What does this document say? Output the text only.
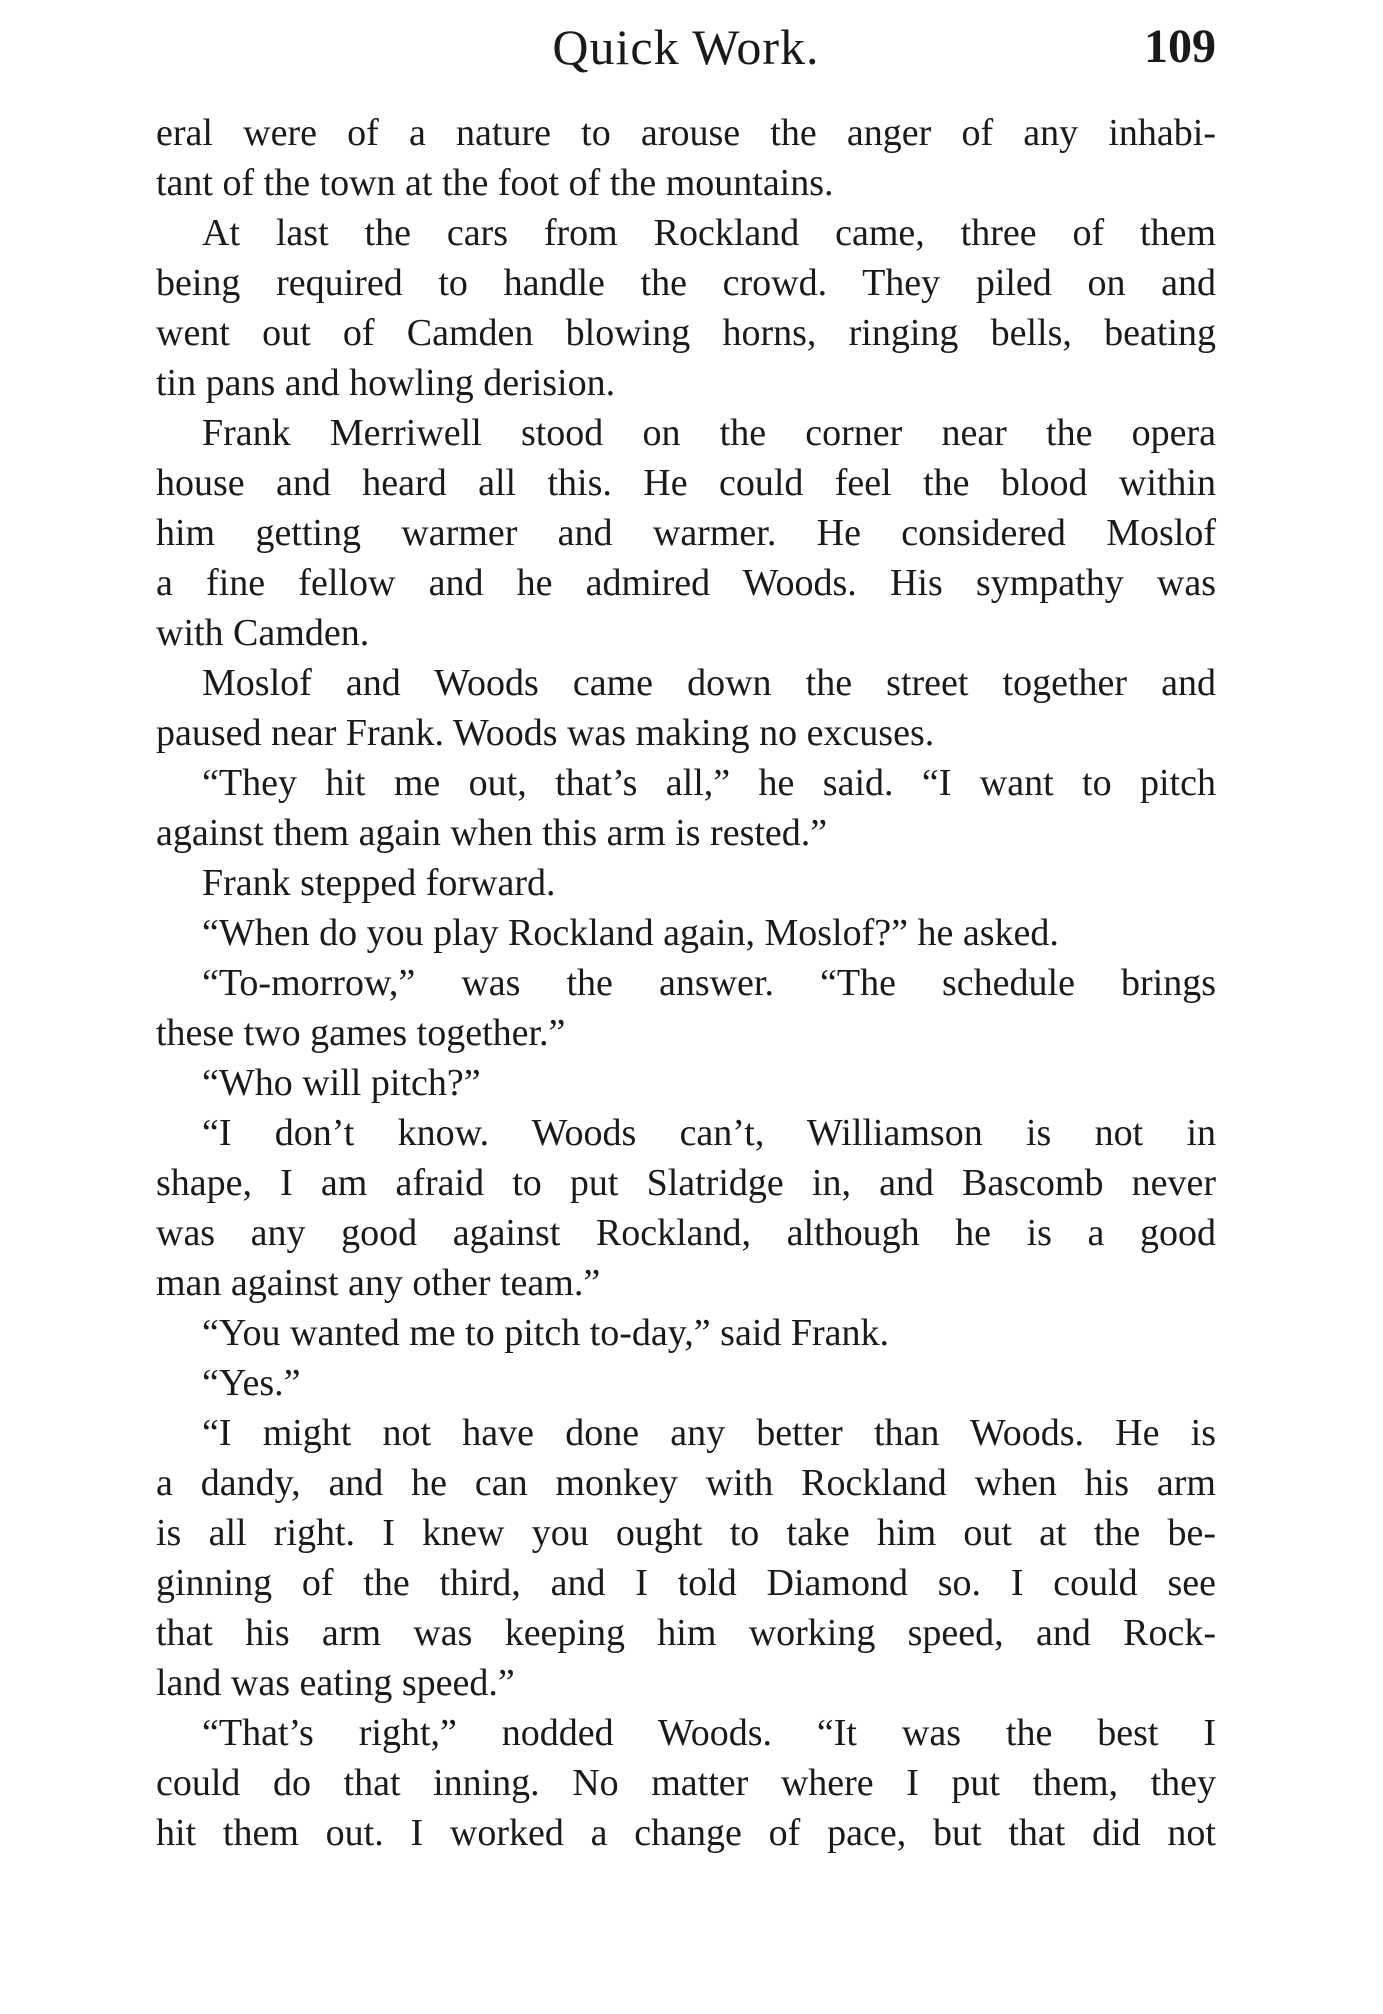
Quick Work.	109
eral were of a nature to arouse the anger of any inhabi-
tant of the town at the foot of the mountains.
At last the cars from Rockland came, three of them
being required to handle the crowd. They piled on and
went out of Camden blowing horns, ringing bells, beating
tin pans and howling derision.
Frank Merriwell stood on the corner near the opera
house and heard all this. He could feel the blood within
him getting warmer and warmer. He considered Moslof
a fine fellow and he admired Woods. His sympathy was
with Camden.
Moslof and Woods came down the street together and
paused near Frank. Woods was making no excuses.
“They hit me out, that’s all,” he said. “I want to pitch
against them again when this arm is rested.”
Frank stepped forward.
“When do you play Rockland again, Moslof?” he asked.
“To-morrow,” was the answer. “The schedule brings
these two games together.”
“Who will pitch?”
“I don’t know. Woods can’t, Williamson is not in
shape, I am afraid to put Slatridge in, and Bascomb never
was any good against Rockland, although he is a good
man against any other team.”
“You wanted me to pitch to-day,” said Frank.
“Yes.”
“I might not have done any better than Woods. He is
a dandy, and he can monkey with Rockland when his arm
is all right. I knew you ought to take him out at the be-
ginning of the third, and I told Diamond so. I could see
that his arm was keeping him working speed, and Rock-
land was eating speed.”
“That’s right,” nodded Woods. “It was the best I
could do that inning. No matter where I put them, they
hit them out. I worked a change of pace, but that did not
